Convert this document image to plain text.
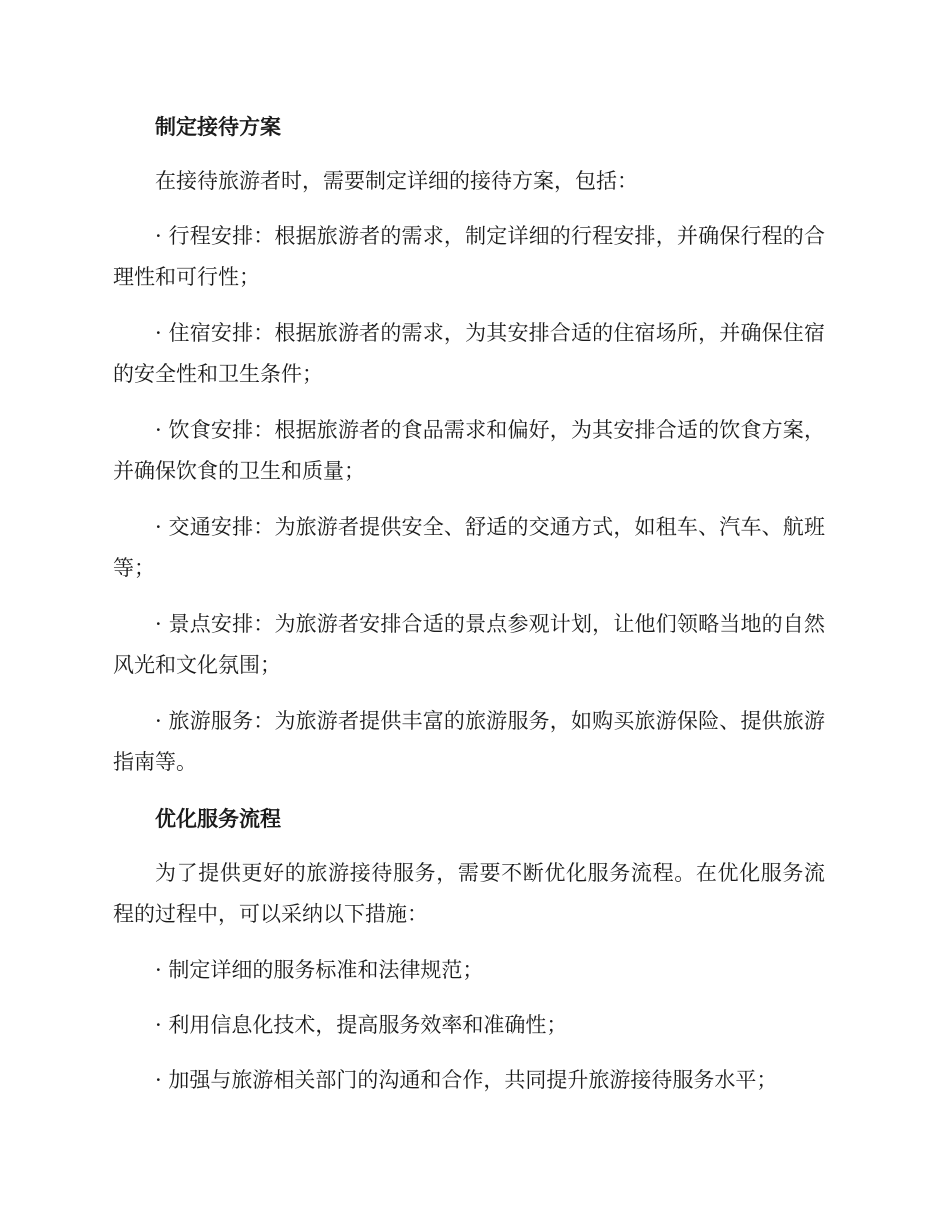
制定接待方案
在接待旅游者时，需要制定详细的接待方案，包括：
· 行程安排：根据旅游者的需求，制定详细的行程安排，并确保行程的合理性和可行性；
· 住宿安排：根据旅游者的需求，为其安排合适的住宿场所，并确保住宿的安全性和卫生条件；
· 饮食安排：根据旅游者的食品需求和偏好，为其安排合适的饮食方案，并确保饮食的卫生和质量；
· 交通安排：为旅游者提供安全、舒适的交通方式，如租车、汽车、航班等；
· 景点安排：为旅游者安排合适的景点参观计划，让他们领略当地的自然风光和文化氛围；
· 旅游服务：为旅游者提供丰富的旅游服务，如购买旅游保险、提供旅游指南等。
优化服务流程
为了提供更好的旅游接待服务，需要不断优化服务流程。在优化服务流程的过程中，可以采纳以下措施：
· 制定详细的服务标准和法律规范；
· 利用信息化技术，提高服务效率和准确性；
· 加强与旅游相关部门的沟通和合作，共同提升旅游接待服务水平；
